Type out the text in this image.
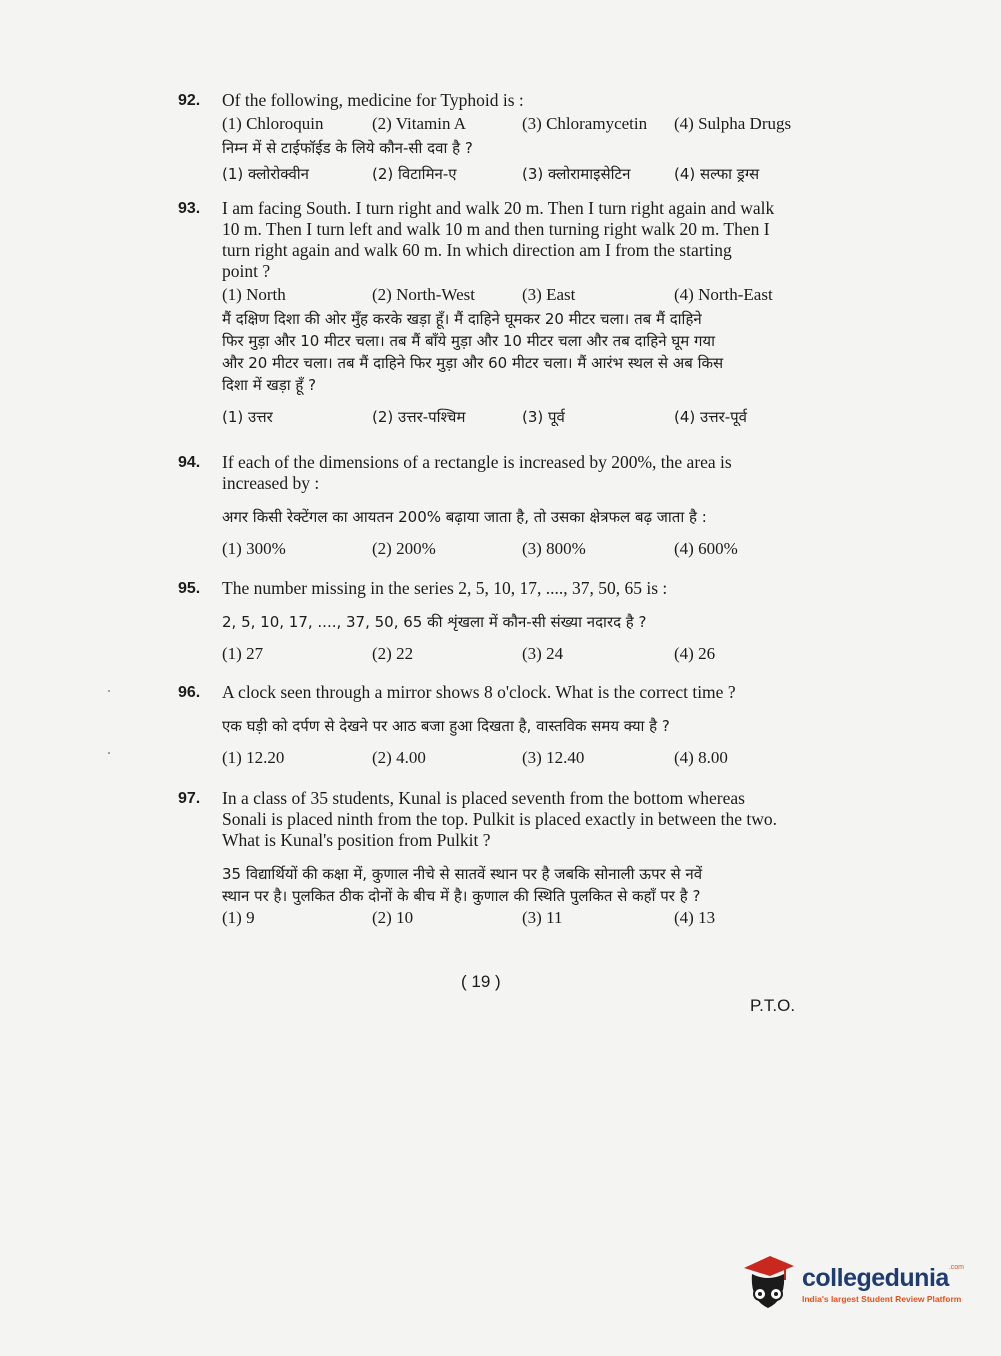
92.	Of the following, medicine for Typhoid is :

(1) Chloroquin	(2) Vitamin A	(3) Chloramycetin	(4) Sulpha Drugs

निम्न में से टाईफॉईड के लिये कौन-सी दवा है ?

(1) क्लोरोक्वीन	(2) विटामिन-ए	(3) क्लोरामाइसेटिन	(4) सल्फा ड्रग्स
93.	I am facing South. I turn right and walk 20 m. Then I turn right again and walk

10 m. Then I turn left and walk 10 m and then turning right walk 20 m. Then I

turn right again and walk 60 m. In which direction am I from the starting

point ?

(1) North	(2) North-West	(3) East	(4) North-East

मैं दक्षिण दिशा की ओर मुँह करके खड़ा हूँ। मैं दाहिने घूमकर 20 मीटर चला। तब मैं दाहिने

फिर मुड़ा और 10 मीटर चला। तब मैं बाँये मुड़ा और 10 मीटर चला और तब दाहिने घूम गया

और 20 मीटर चला। तब मैं दाहिने फिर मुड़ा और 60 मीटर चला। मैं आरंभ स्थल से अब किस

दिशा में खड़ा हूँ ?

(1) उत्तर	(2) उत्तर-पश्चिम	(3) पूर्व	(4) उत्तर-पूर्व
94.	If each of the dimensions of a rectangle is increased by 200%, the area is

increased by :

अगर किसी रेक्टेंगल का आयतन 200% बढ़ाया जाता है, तो उसका क्षेत्रफल बढ़ जाता है :

(1) 300%	(2) 200%	(3) 800%	(4) 600%
95.	The number missing in the series 2, 5, 10, 17, ...., 37, 50, 65 is :

2, 5, 10, 17, ...., 37, 50, 65 की शृंखला में कौन-सी संख्या नदारद है ?

(1) 27	(2) 22	(3) 24	(4) 26
96.	A clock seen through a mirror shows 8 o'clock. What is the correct time ?

एक घड़ी को दर्पण से देखने पर आठ बजा हुआ दिखता है, वास्तविक समय क्या है ?

(1) 12.20	(2) 4.00	(3) 12.40	(4) 8.00
97.	In a class of 35 students, Kunal is placed seventh from the bottom whereas

Sonali is placed ninth from the top. Pulkit is placed exactly in between the two.

What is Kunal's position from Pulkit ?

35 विद्यार्थियों की कक्षा में, कुणाल नीचे से सातवें स्थान पर है जबकि सोनाली ऊपर से नवें

स्थान पर है। पुलकित ठीक दोनों के बीच में है। कुणाल की स्थिति पुलकित से कहाँ पर है ?

(1) 9	(2) 10	(3) 11	(4) 13
( 19 )
P.T.O.
collegedunia$^{.com}$
India's largest Student Review Platform
